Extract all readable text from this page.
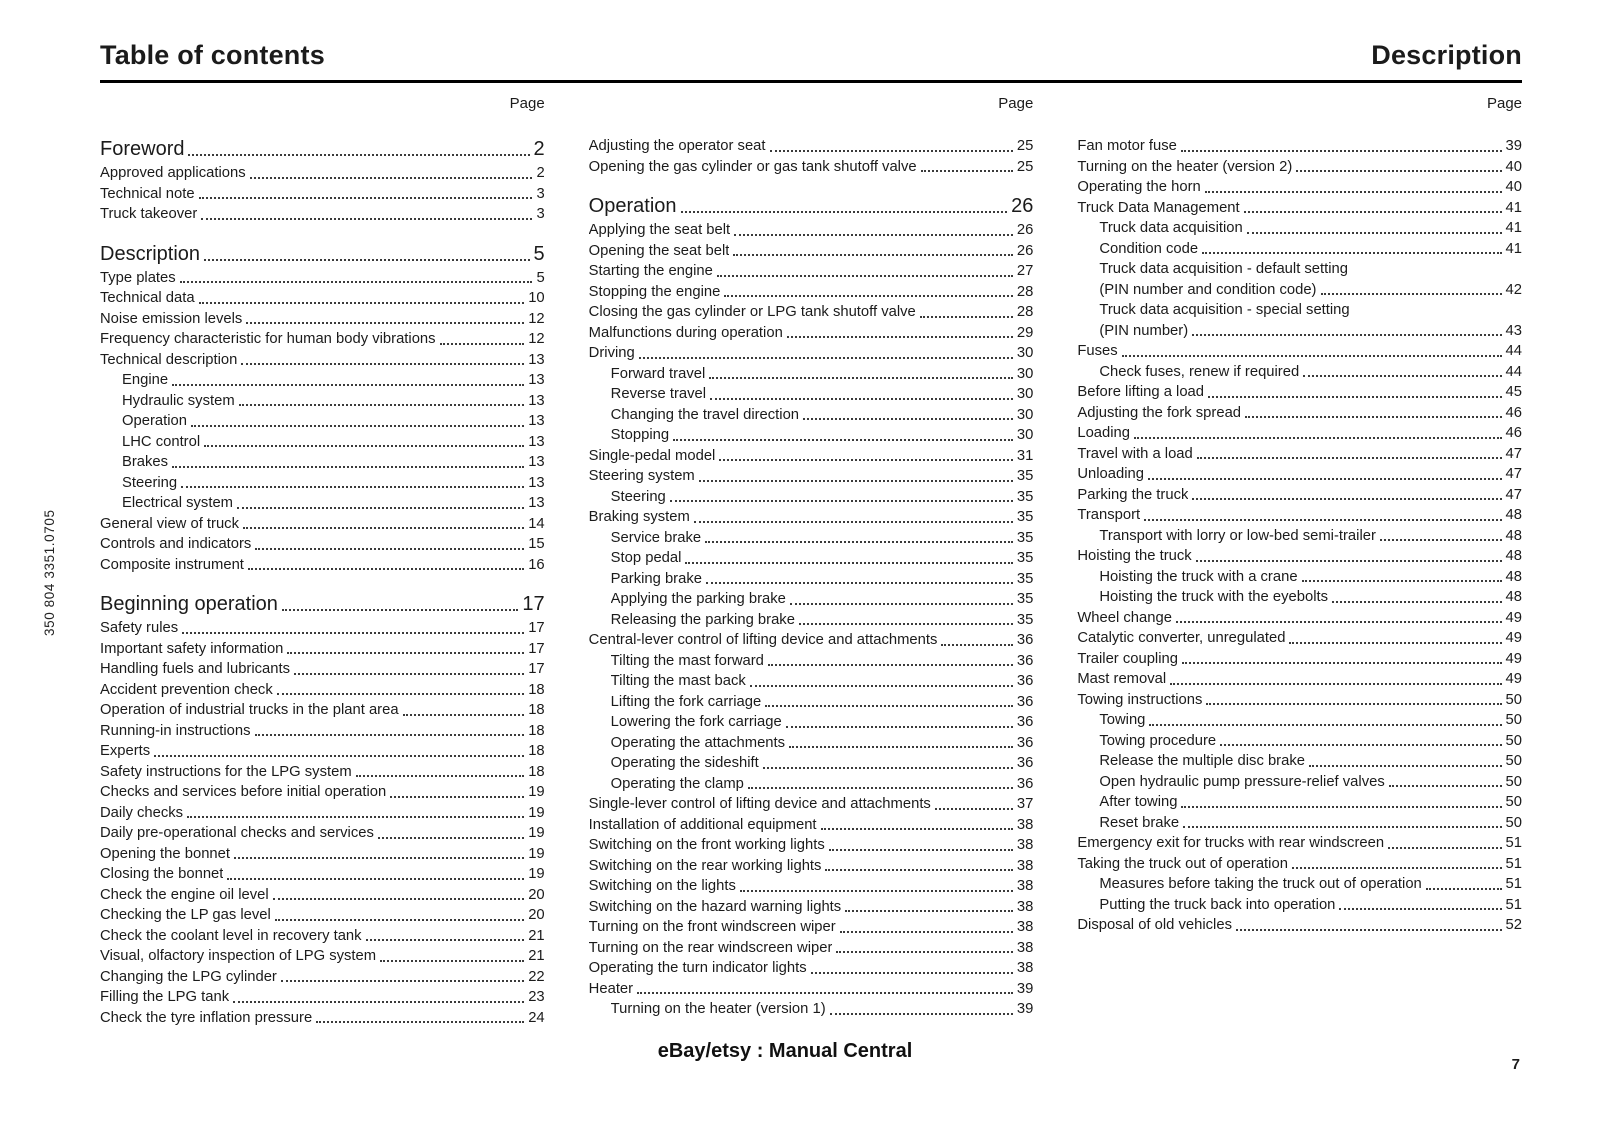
350 804 3351.0705
Table of contents	Description
Page
Foreword	2
Approved applications	2
Technical note	3
Truck takeover	3
Description	5
Type plates	5
Technical data	10
Noise emission levels	12
Frequency characteristic for human body vibrations	12
Technical description	13
Engine	13
Hydraulic system	13
Operation	13
LHC control	13
Brakes	13
Steering	13
Electrical system	13
General view of truck	14
Controls and indicators	15
Composite instrument	16
Beginning operation	17
Safety rules	17
Important safety information	17
Handling fuels and lubricants	17
Accident prevention check	18
Operation of industrial trucks in the plant area	18
Running-in instructions	18
Experts	18
Safety instructions for the LPG system	18
Checks and services before initial operation	19
Daily checks	19
Daily pre-operational checks and services	19
Opening the bonnet	19
Closing the bonnet	19
Check the engine oil level	20
Checking the LP gas level	20
Check the coolant level in recovery tank	21
Visual, olfactory inspection of LPG system	21
Changing the LPG cylinder	22
Filling the LPG tank	23
Check the tyre inflation pressure	24
Page
Adjusting the operator seat	25
Opening the gas cylinder or gas tank shutoff valve	25
Operation	26
Applying the seat belt	26
Opening the seat belt	26
Starting the engine	27
Stopping the engine	28
Closing the gas cylinder or LPG tank shutoff valve	28
Malfunctions during operation	29
Driving	30
Forward travel	30
Reverse travel	30
Changing the travel direction	30
Stopping	30
Single-pedal model	31
Steering system	35
Steering	35
Braking system	35
Service brake	35
Stop pedal	35
Parking brake	35
Applying the parking brake	35
Releasing the parking brake	35
Central-lever control of lifting device and attachments	36
Tilting the mast forward	36
Tilting the mast back	36
Lifting the fork carriage	36
Lowering the fork carriage	36
Operating the attachments	36
Operating the sideshift	36
Operating the clamp	36
Single-lever control of lifting device and attachments	37
Installation of additional equipment	38
Switching on the front working lights	38
Switching on the rear working lights	38
Switching on the lights	38
Switching on the hazard warning lights	38
Turning on the front windscreen wiper	38
Turning on the rear windscreen wiper	38
Operating the turn indicator lights	38
Heater	39
Turning on the heater (version 1)	39
Page
Fan motor fuse	39
Turning on the heater (version 2)	40
Operating the horn	40
Truck Data Management	41
Truck data acquisition	41
Condition code	41
Truck data acquisition - default setting
(PIN number and condition code)	42
Truck data acquisition - special setting
(PIN number)	43
Fuses	44
Check fuses, renew if required	44
Before lifting a load	45
Adjusting the fork spread	46
Loading	46
Travel with a load	47
Unloading	47
Parking the truck	47
Transport	48
Transport with lorry or low-bed semi-trailer	48
Hoisting the truck	48
Hoisting the truck with a crane	48
Hoisting the truck with the eyebolts	48
Wheel change	49
Catalytic converter, unregulated	49
Trailer coupling	49
Mast removal	49
Towing instructions	50
Towing	50
Towing procedure	50
Release the multiple disc brake	50
Open hydraulic pump pressure-relief valves	50
After towing	50
Reset brake	50
Emergency exit for trucks with rear windscreen	51
Taking the truck out of operation	51
Measures before taking the truck out of operation	51
Putting the truck back into operation	51
Disposal of old vehicles	52
eBay/etsy : Manual Central
7
